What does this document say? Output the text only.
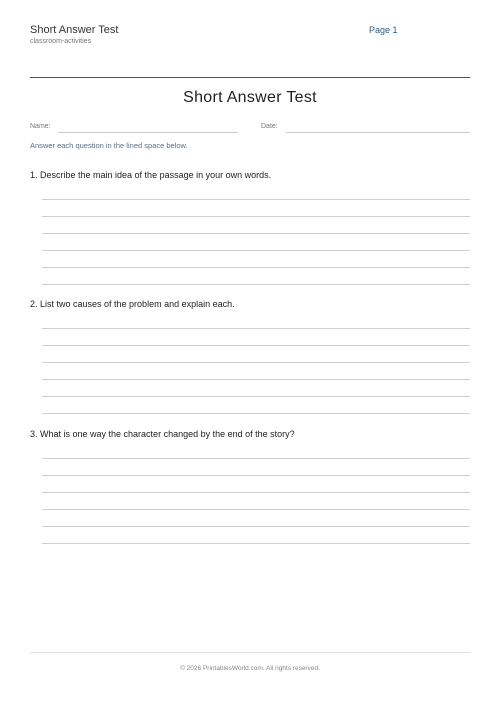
Short Answer Test
classroom-activities
Page 1
Short Answer Test
Name:	Date:
Answer each question in the lined space below.
1. Describe the main idea of the passage in your own words.
2. List two causes of the problem and explain each.
3. What is one way the character changed by the end of the story?
© 2026 PrintablesWorld.com. All rights reserved.
